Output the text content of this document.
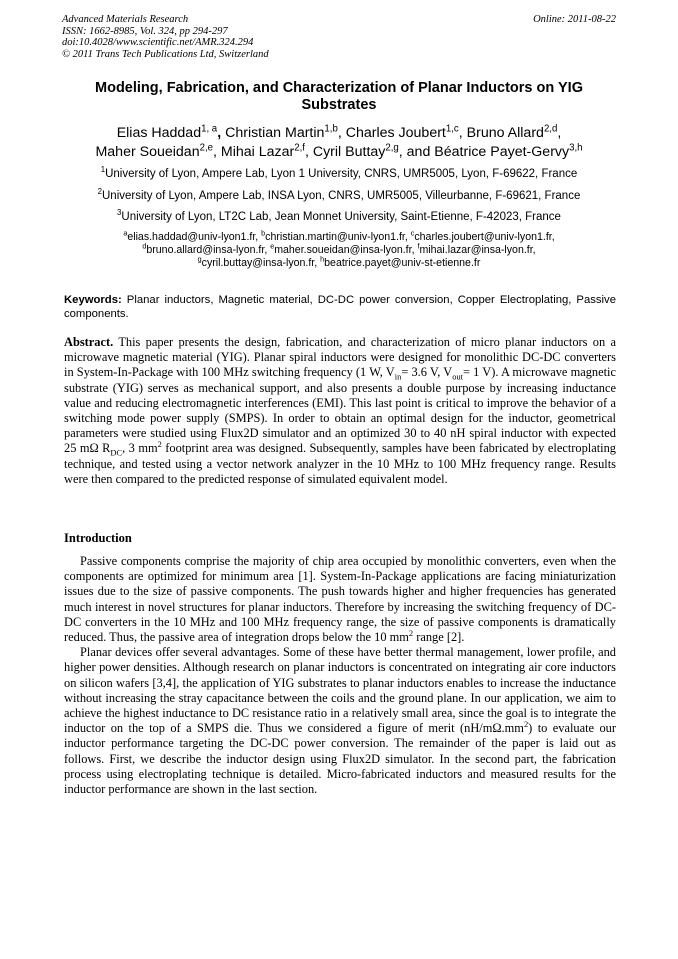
Advanced Materials Research
ISSN: 1662-8985, Vol. 324, pp 294-297
doi:10.4028/www.scientific.net/AMR.324.294
© 2011 Trans Tech Publications Ltd, Switzerland
Online: 2011-08-22
Modeling, Fabrication, and Characterization of Planar Inductors on YIG Substrates
Elias Haddad$^{1, a}$, Christian Martin$^{1,b}$, Charles Joubert$^{1,c}$, Bruno Allard$^{2,d}$,
Maher Soueidan$^{2,e}$, Mihai Lazar$^{2,f}$, Cyril Buttay$^{2,g}$, and Béatrice Payet-Gervy$^{3,h}$
$^1$University of Lyon, Ampere Lab, Lyon 1 University, CNRS, UMR5005, Lyon, F-69622, France
$^2$University of Lyon, Ampere Lab, INSA Lyon, CNRS, UMR5005, Villeurbanne, F-69621, France
$^3$University of Lyon, LT2C Lab, Jean Monnet University, Saint-Etienne, F-42023, France
$^a$elias.haddad@univ-lyon1.fr, $^b$christian.martin@univ-lyon1.fr, $^c$charles.joubert@univ-lyon1.fr,
$^d$bruno.allard@insa-lyon.fr, $^e$maher.soueidan@insa-lyon.fr, $^f$mihai.lazar@insa-lyon.fr,
$^g$cyril.buttay@insa-lyon.fr, $^h$beatrice.payet@univ-st-etienne.fr
Keywords: Planar inductors, Magnetic material, DC-DC power conversion, Copper Electroplating, Passive components.
Abstract. This paper presents the design, fabrication, and characterization of micro planar inductors on a microwave magnetic material (YIG). Planar spiral inductors were designed for monolithic DC-DC converters in System-In-Package with 100 MHz switching frequency (1 W, $V_{in}= 3.6$ V, $V_{out}= 1$ V). A microwave magnetic substrate (YIG) serves as mechanical support, and also presents a double purpose by increasing inductance value and reducing electromagnetic interferences (EMI). This last point is critical to improve the behavior of a switching mode power supply (SMPS). In order to obtain an optimal design for the inductor, geometrical parameters were studied using Flux2D simulator and an optimized 30 to 40 nH spiral inductor with expected 25 mΩ $R_{DC}$, 3 $mm^2$ footprint area was designed. Subsequently, samples have been fabricated by electroplating technique, and tested using a vector network analyzer in the 10 MHz to 100 MHz frequency range. Results were then compared to the predicted response of simulated equivalent model.
Introduction

Passive components comprise the majority of chip area occupied by monolithic converters, even when the components are optimized for minimum area [1]. System-In-Package applications are facing miniaturization issues due to the size of passive components. The push towards higher and higher frequencies has generated much interest in novel structures for planar inductors. Therefore by increasing the switching frequency of DC-DC converters in the 10 MHz and 100 MHz frequency range, the size of passive components is dramatically reduced. Thus, the passive area of integration drops below the 10 $mm^2$ range [2].

Planar devices offer several advantages. Some of these have better thermal management, lower profile, and higher power densities. Although research on planar inductors is concentrated on integrating air core inductors on silicon wafers [3,4], the application of YIG substrates to planar inductors enables to increase the inductance without increasing the stray capacitance between the coils and the ground plane. In our application, we aim to achieve the highest inductance to DC resistance ratio in a relatively small area, since the goal is to integrate the inductor on the top of a SMPS die. Thus we considered a figure of merit $(nH/m\Omega.mm^2)$ to evaluate our inductor performance targeting the DC-DC power conversion. The remainder of the paper is laid out as follows. First, we describe the inductor design using Flux2D simulator. In the second part, the fabrication process using electroplating technique is detailed. Micro-fabricated inductors and measured results for the inductor performance are shown in the last section.
